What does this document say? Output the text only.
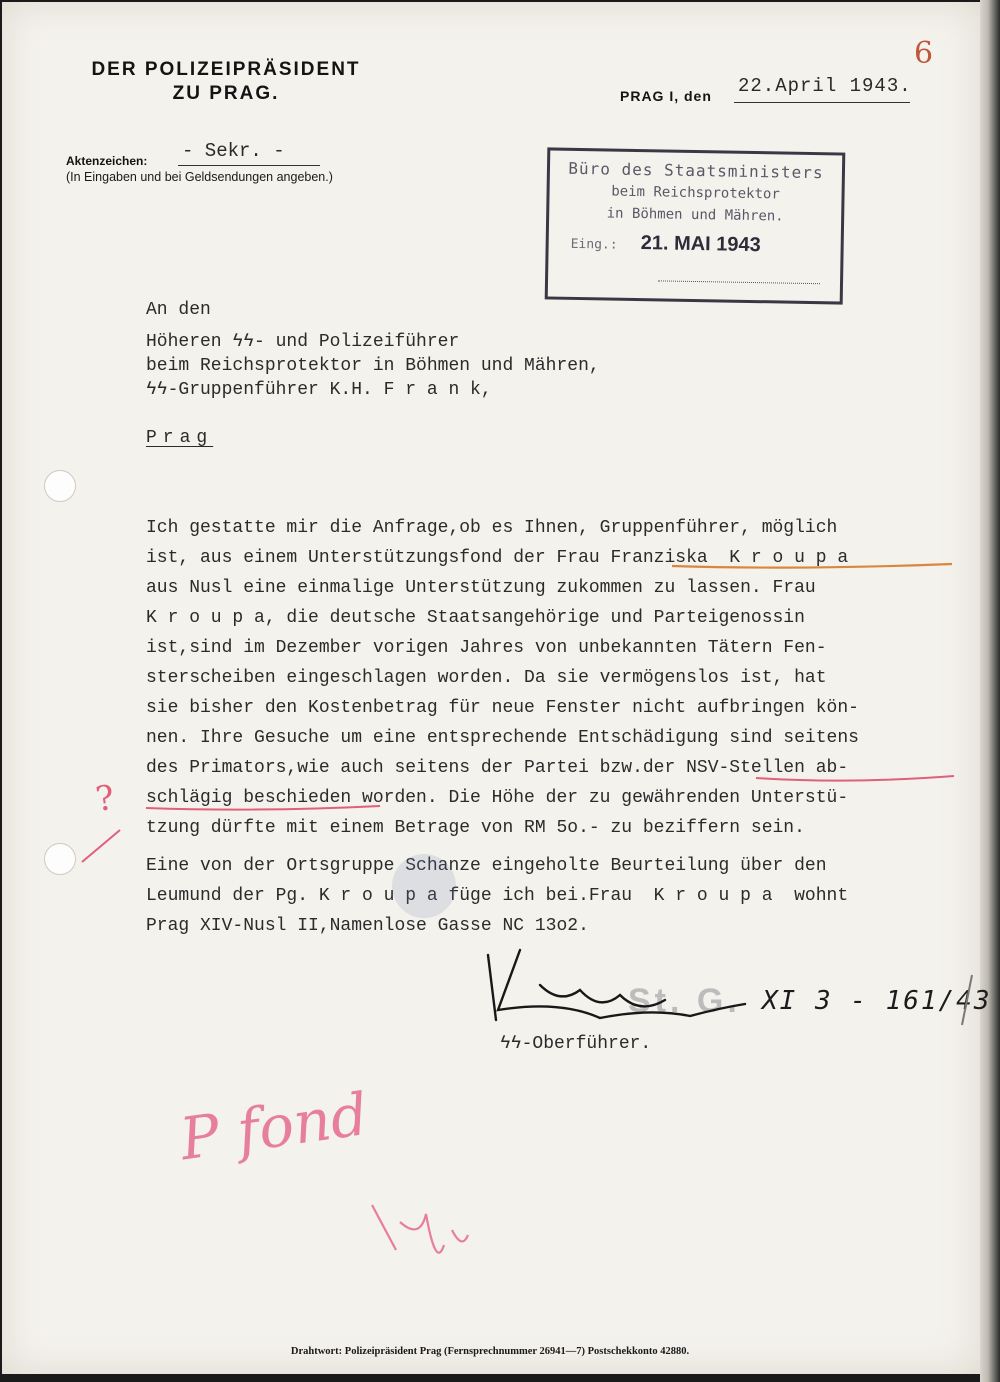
6
DER POLIZEIPRÄSIDENT
ZU PRAG.	PRAG I, den 22.April 1943.
Aktenzeichen: - Sekr. -
(In Eingaben und bei Geldsendungen angeben.)	Büro des Staatsministers
beim Reichsprotektor
in Böhmen und Mähren.
Eing.: 21. MAI 1943
An den
Höheren ϟϟ- und Polizeiführer
beim Reichsprotektor in Böhmen und Mähren,
ϟϟ-Gruppenführer K.H. F r a n k,
Prag
Ich gestatte mir die Anfrage,ob es Ihnen, Gruppenführer, möglich
ist, aus einem Unterstützungsfond der Frau Franziska  K r o u p a
aus Nusl eine einmalige Unterstützung zukommen zu lassen. Frau
K r o u p a, die deutsche Staatsangehörige und Parteigenossin
ist,sind im Dezember vorigen Jahres von unbekannten Tätern Fen-
sterscheiben eingeschlagen worden. Da sie vermögenslos ist, hat
sie bisher den Kostenbetrag für neue Fenster nicht aufbringen kön-
nen. Ihre Gesuche um eine entsprechende Entschädigung sind seitens
des Primators,wie auch seitens der Partei bzw.der NSV-Stellen ab-
schlägig beschieden worden. Die Höhe der zu gewährenden Unterstü-
tzung dürfte mit einem Betrage von RM 5o.- zu beziffern sein.
Eine von der Ortsgruppe Schanze eingeholte Beurteilung über den
Leumund der Pg. K r o u p a füge ich bei.Frau  K r o u p a  wohnt
Prag XIV-Nusl II,Namenlose Gasse NC 13o2.
ϟϟ-Oberführer.
St. G. XI 3 - 161/43
Drahtwort: Polizeipräsident Prag (Fernsprechnummer 26941—7) Postschekkonto 42880.
?
P fond
